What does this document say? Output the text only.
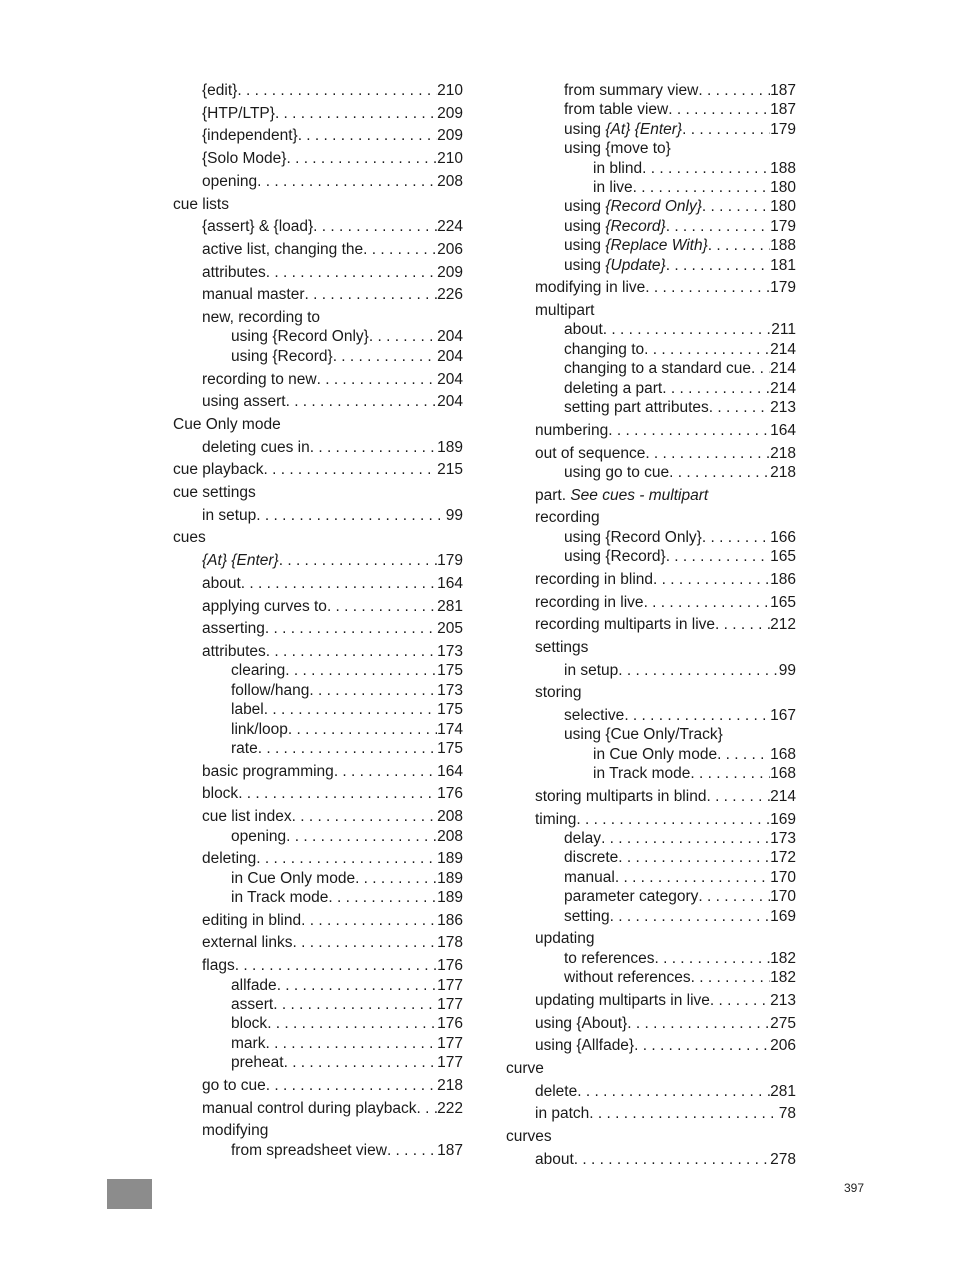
{edit} . . .	210
{HTP/LTP} . . .	209
{independent} . . .	209
{Solo Mode} . . .	210
opening . . .	208
cue lists
{assert} & {load} . . .	224
active list, changing the . . .	206
attributes . . .	209
manual master . . .	226
new, recording to
using {Record Only} . . .	204
using {Record} . . .	204
recording to new . . .	204
using assert . . .	204
Cue Only mode
deleting cues in . . .	189
cue playback . . .	215
cue settings
in setup . . .	99
cues
{At} {Enter} . . .	179
about . . .	164
applying curves to . . .	281
asserting . . .	205
attributes . . .	173
clearing . . .	175
follow/hang . . .	173
label . . .	175
link/loop . . .	174
rate . . .	175
basic programming . . .	164
block . . .	176
cue list index . . .	208
opening . . .	208
deleting . . .	189
in Cue Only mode . . .	189
in Track mode . . .	189
editing in blind . . .	186
external links . . .	178
flags . . .	176
allfade . . .	177
assert . . .	177
block . . .	176
mark . . .	177
preheat . . .	177
go to cue . . .	218
manual control during playback . . . 222
modifying
from spreadsheet view . . .	187
from summary view . . .	187
from table view . . .	187
using {At} {Enter} . . .	179
using {move to}
in blind . . .	188
in live . . .	180
using {Record Only} . . .	180
using {Record} . . .	179
using {Replace With} . . .	188
using {Update} . . .	181
modifying in live . . .	179
multipart
about . . .	211
changing to . . .	214
changing to a standard cue . . . 214
deleting a part . . .	214
setting part attributes . . .	213
numbering . . .	164
out of sequence . . .	218
using go to cue . . .	218
part. See cues - multipart
recording
using {Record Only} . . .	166
using {Record} . . .	165
recording in blind . . .	186
recording in live . . .	165
recording multiparts in live . . .	212
settings
in setup . . .	99
storing
selective . . .	167
using {Cue Only/Track}
in Cue Only mode . . .	168
in Track mode . . .	168
storing multiparts in blind . . .	214
timing . . .	169
delay . . .	173
discrete . . .	172
manual . . .	170
parameter category . . .	170
setting . . .	169
updating
to references . . .	182
without references . . .	182
updating multiparts in live . . .	213
using {About} . . .	275
using {Allfade} . . .	206
curve
delete . . .	281
in patch . . .	78
curves
about . . .	278
397
